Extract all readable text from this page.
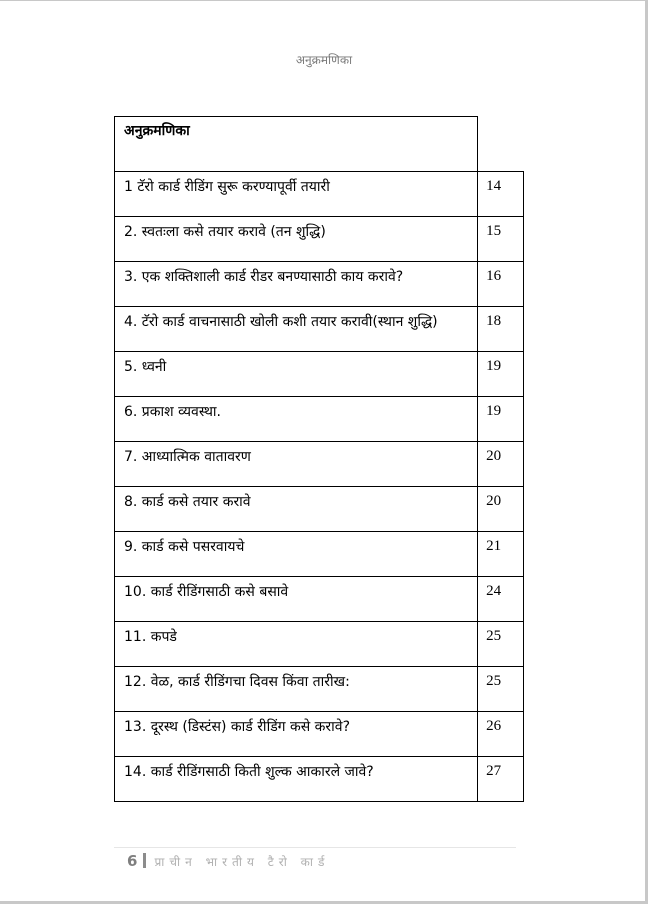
अनुक्रमणिका
अनुक्रमणिका
1 टॅरो कार्ड रीडिंग सुरू करण्यापूर्वी तयारी	14
2. स्वतःला कसे तयार करावे (तन शुद्धि)	15
3. एक शक्तिशाली कार्ड रीडर बनण्यासाठी काय करावे?	16
4. टॅरो कार्ड वाचनासाठी खोली कशी तयार करावी(स्थान शुद्धि)	18
5. ध्वनी	19
6. प्रकाश व्यवस्था.	19
7. आध्यात्मिक वातावरण	20
8. कार्ड कसे तयार करावे	20
9. कार्ड कसे पसरवायचे	21
10. कार्ड रीडिंगसाठी कसे बसावे	24
11. कपडे	25
12. वेळ, कार्ड रीडिंगचा दिवस किंवा तारीख:	25
13. दूरस्थ (डिस्टंस) कार्ड रीडिंग कसे करावे?	26
14. कार्ड रीडिंगसाठी किती शुल्क आकारले जावे?	27
6 प्राचीन भारतीय टैरो कार्ड
